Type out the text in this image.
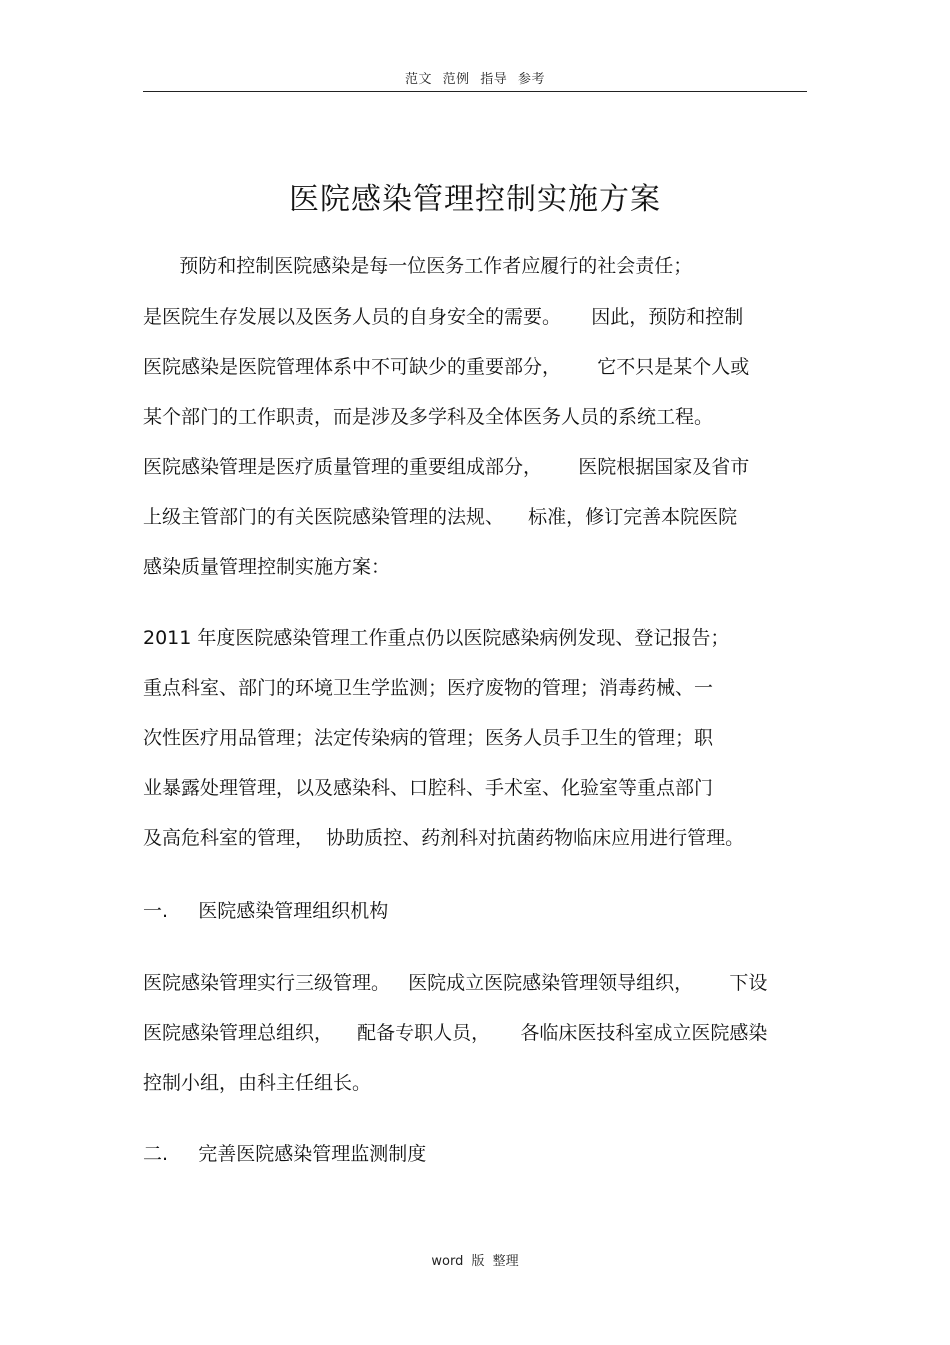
范文 范例 指导 参考
医院感染管理控制实施方案
预防和控制医院感染是每一位医务工作者应履行的社会责任；
是医院生存发展以及医务人员的自身安全的需要。     因此，预防和控制
医院感染是医院管理体系中不可缺少的重要部分，      它不只是某个人或
某个部门的工作职责，而是涉及多学科及全体医务人员的系统工程。
医院感染管理是医疗质量管理的重要组成部分，      医院根据国家及省市
上级主管部门的有关医院感染管理的法规、    标准，修订完善本院医院
感染质量管理控制实施方案：
2011 年度医院感染管理工作重点仍以医院感染病例发现、登记报告；
重点科室、部门的环境卫生学监测；医疗废物的管理；消毒药械、一
次性医疗用品管理；法定传染病的管理；医务人员手卫生的管理；职
业暴露处理管理，以及感染科、口腔科、手术室、化验室等重点部门
及高危科室的管理，  协助质控、药剂科对抗菌药物临床应用进行管理。
一.     医院感染管理组织机构
医院感染管理实行三级管理。   医院成立医院感染管理领导组织，      下设
医院感染管理总组织，    配备专职人员，     各临床医技科室成立医院感染
控制小组，由科主任组长。
二.     完善医院感染管理监测制度
word 版 整理
